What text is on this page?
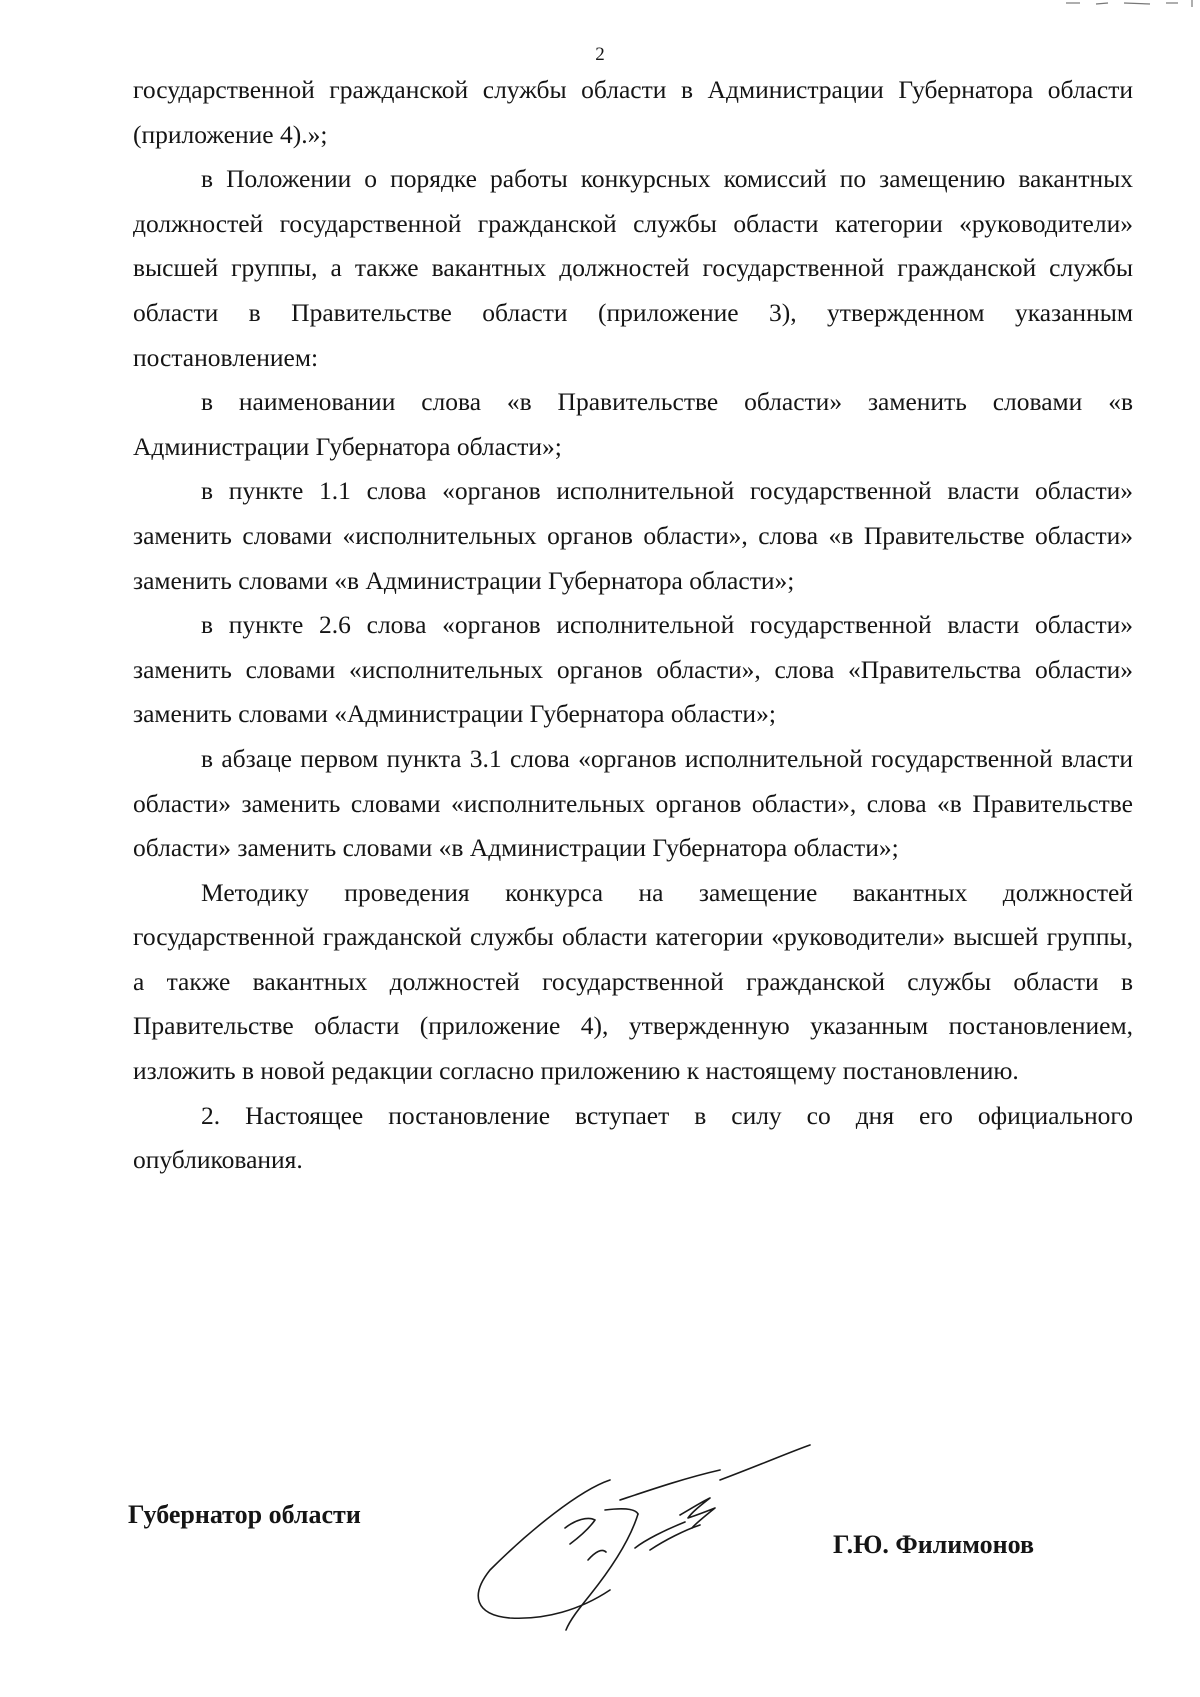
2

государственной гражданской службы области в Администрации Губернатора области (приложение 4).»;

в Положении о порядке работы конкурсных комиссий по замещению вакантных должностей государственной гражданской службы области категории «руководители» высшей группы, а также вакантных должностей государственной гражданской службы области в Правительстве области (приложение 3), утвержденном указанным постановлением:

в наименовании слова «в Правительстве области» заменить словами «в Администрации Губернатора области»;

в пункте 1.1 слова «органов исполнительной государственной власти области» заменить словами «исполнительных органов области», слова «в Правительстве области» заменить словами «в Администрации Губернатора области»;

в пункте 2.6 слова «органов исполнительной государственной власти области» заменить словами «исполнительных органов области», слова «Правительства области» заменить словами «Администрации Губернатора области»;

в абзаце первом пункта 3.1 слова «органов исполнительной государственной власти области» заменить словами «исполнительных органов области», слова «в Правительстве области» заменить словами «в Администрации Губернатора области»;

Методику проведения конкурса на замещение вакантных должностей государственной гражданской службы области категории «руководители» высшей группы, а также вакантных должностей государственной гражданской службы области в Правительстве области (приложение 4), утвержденную указанным постановлением, изложить в новой редакции согласно приложению к настоящему постановлению.

2. Настоящее постановление вступает в силу со дня его официального опубликования.

Губернатор области
Г.Ю. Филимонов
